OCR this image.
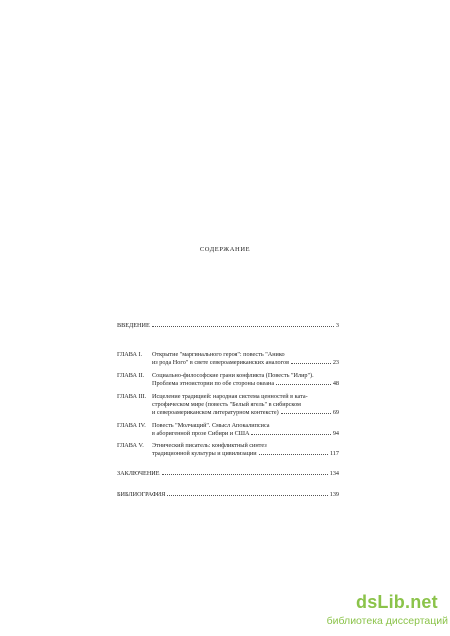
СОДЕРЖАНИЕ
ВВЕДЕНИЕ	3
ГЛАВА I.	Открытие "маргинального героя": повесть "Анико
из рода Ного" в свете североамериканских аналогов	23
ГЛАВА II.	Социально-философские грани конфликта (Повесть "Илир").
Проблема этноистории по обе стороны океана	48
ГЛАВА III. Исцеление традицией: народная система ценностей в ката-
строфическом мире (повесть "Белый ягель" в сибирском
и североамериканском литературном контексте)	69
ГЛАВА IV. Повесть "Молчащий". Смысл Апокалипсиса
в аборигенной прозе Сибири и США	94
ГЛАВА V.	Этнический писатель: конфликтный синтез
традиционной культуры и цивилизации	117
ЗАКЛЮЧЕНИЕ	134
БИБЛИОГРАФИЯ	139
dsLib.net
библиотека диссертаций
